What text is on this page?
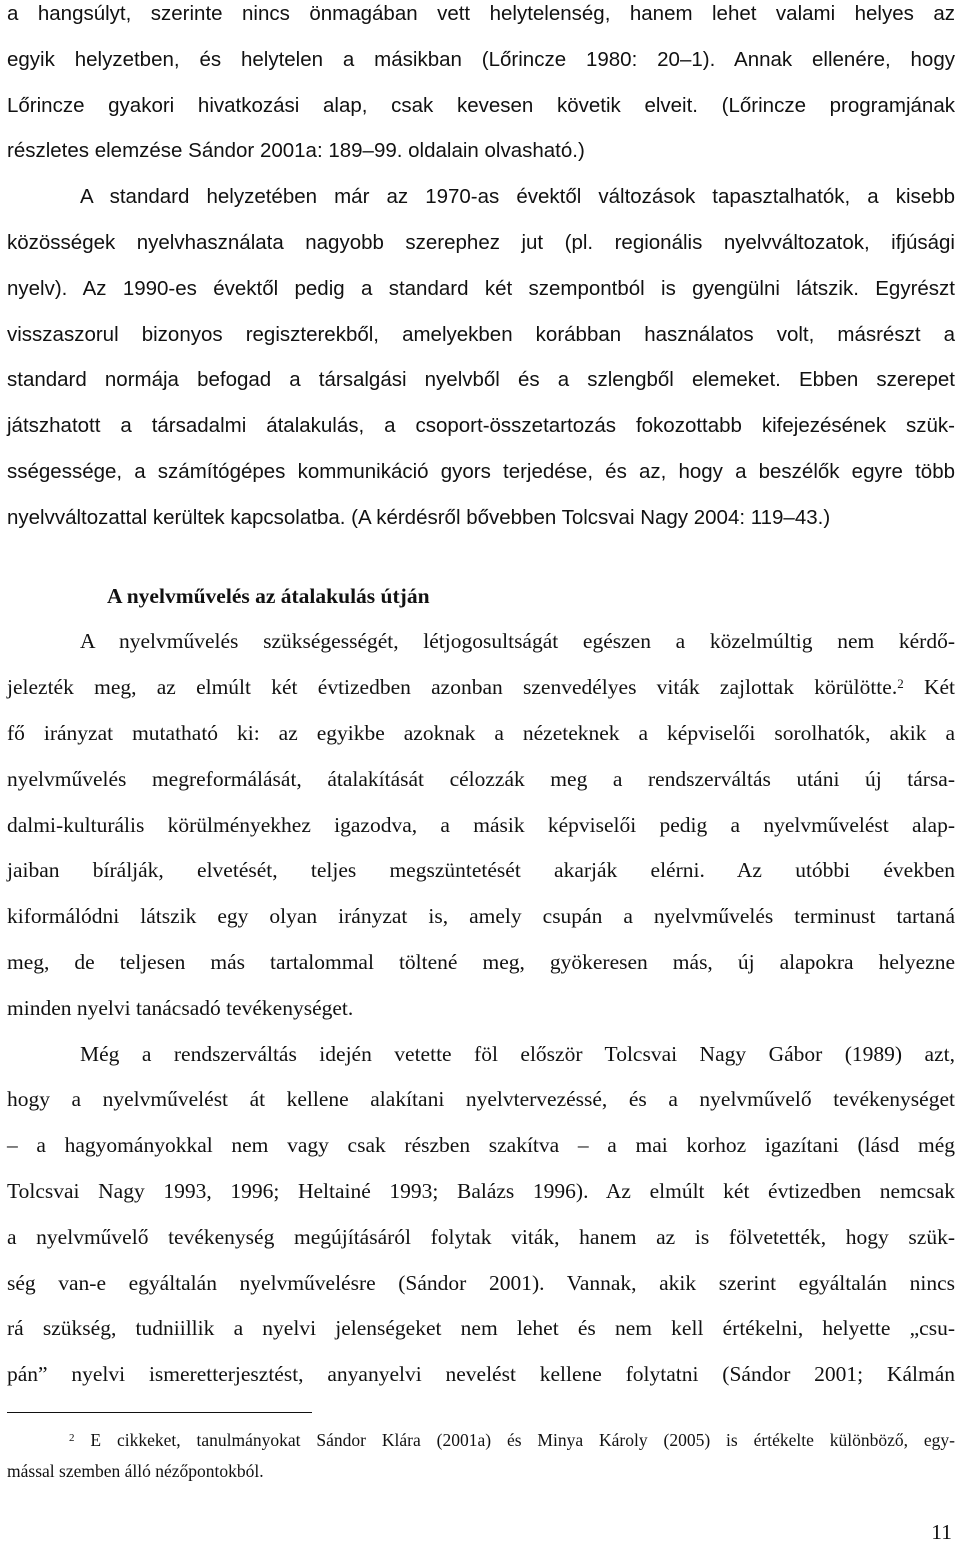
a hangsúlyt, szerinte nincs önmagában vett helytelenség, hanem lehet valami helyes az
egyik helyzetben, és helytelen a másikban (Lőrincze 1980: 20–1). Annak ellenére, hogy
Lőrincze gyakori hivatkozási alap, csak kevesen követik elveit. (Lőrincze programjának
részletes elemzése Sándor 2001a: 189–99. oldalain olvasható.)
A standard helyzetében már az 1970-as évektől változások tapasztalhatók, a kisebb
közösségek nyelvhasználata nagyobb szerephez jut (pl. regionális nyelvváltozatok, ifjúsági
nyelv). Az 1990-es évektől pedig a standard két szempontból is gyengülni látszik. Egyrészt
visszaszorul bizonyos regiszterekből, amelyekben korábban használatos volt, másrészt a
standard normája befogad a társalgási nyelvből és a szlengből elemeket. Ebben szerepet
játszhatott a társadalmi átalakulás, a csoport-összetartozás fokozottabb kifejezésének szük-
sségessége, a számítógépes kommunikáció gyors terjedése, és az, hogy a beszélők egyre több
nyelvváltozattal kerültek kapcsolatba. (A kérdésről bővebben Tolcsvai Nagy 2004: 119–43.)
A nyelvművelés az átalakulás útján
A nyelvművelés szükségességét, létjogosultságát egészen a közelmúltig nem kérdő-
jelezték meg, az elmúlt két évtizedben azonban szenvedélyes viták zajlottak körülötte.$^2$ Két
fő irányzat mutatható ki: az egyikbe azoknak a nézeteknek a képviselői sorolhatók, akik a
nyelvművelés megreformálását, átalakítását célozzák meg a rendszerváltás utáni új társa-
dalmi-kulturális körülményekhez igazodva, a másik képviselői pedig a nyelvművelést alap-
jaiban bírálják, elvetését, teljes megszüntetését akarják elérni. Az utóbbi években
kiformálódni látszik egy olyan irányzat is, amely csupán a nyelvművelés terminust tartaná
meg, de teljesen más tartalommal töltené meg, gyökeresen más, új alapokra helyezne
minden nyelvi tanácsadó tevékenységet.
Még a rendszerváltás idején vetette föl először Tolcsvai Nagy Gábor (1989) azt,
hogy a nyelvművelést át kellene alakítani nyelvtervezéssé, és a nyelvművelő tevékenységet
– a hagyományokkal nem vagy csak részben szakítva – a mai korhoz igazítani (lásd még
Tolcsvai Nagy 1993, 1996; Heltainé 1993; Balázs 1996). Az elmúlt két évtizedben nemcsak
a nyelvművelő tevékenység megújításáról folytak viták, hanem az is fölvetették, hogy szük-
ség van-e egyáltalán nyelvművelésre (Sándor 2001). Vannak, akik szerint egyáltalán nincs
rá szükség, tudniillik a nyelvi jelenségeket nem lehet és nem kell értékelni, helyette „csu-
pán” nyelvi ismeretterjesztést, anyanyelvi nevelést kellene folytatni (Sándor 2001; Kálmán
$^2$ E cikkeket, tanulmányokat Sándor Klára (2001a) és Minya Károly (2005) is értékelte különböző, egy-
mással szemben álló nézőpontokból.
11
